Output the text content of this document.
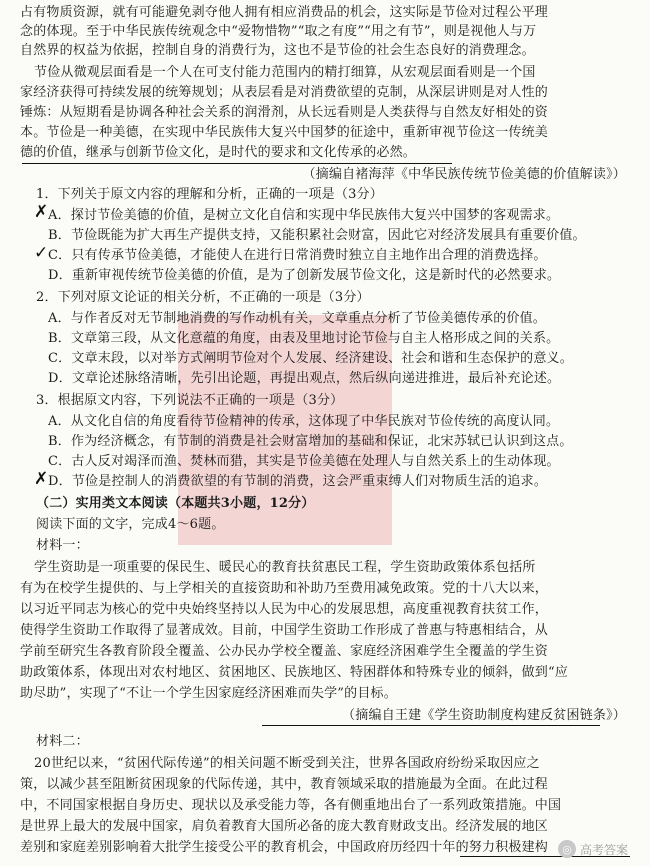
占有物质资源，就有可能避免剥夺他人拥有相应消费品的机会，这实际是节俭对过程公平理
念的体现。至于中华民族传统观念中“爱物惜物”“取之有度”“用之有节”，则是视他人与万
自然界的权益为依据，控制自身的消费行为，这也不是节俭的社会生态良好的消费理念。
节俭从微观层面看是一个人在可支付能力范围内的精打细算，从宏观层面看则是一个国
家经济获得可持续发展的统筹规划；从表层看是对消费欲望的克制，从深层讲则是对人性的
锤炼：从短期看是协调各种社会关系的润滑剂，从长远看则是人类获得与自然友好相处的资
本。节俭是一种美德，在实现中华民族伟大复兴中国梦的征途中，重新审视节俭这一传统美
德的价值，继承与创新节俭文化，是时代的要求和文化传承的必然。
（摘编自褚海萍《中华民族传统节俭美德的价值解读》）
1．下列关于原文内容的理解和分析，正确的一项是（3分）
A．探讨节俭美德的价值，是树立文化自信和实现中华民族伟大复兴中国梦的客观需求。
B．节俭既能为扩大再生产提供支持，又能积累社会财富，因此它对经济发展具有重要价值。
C．只有传承节俭美德，才能使人在进行日常消费时独立自主地作出合理的消费选择。
D．重新审视传统节俭美德的价值，是为了创新发展节俭文化，这是新时代的必然要求。
✗
✓
2．下列对原文论证的相关分析，不正确的一项是（3分）
A．与作者反对无节制地消费的写作动机有关，文章重点分析了节俭美德传承的价值。
B．文章第三段，从文化意蕴的角度，由表及里地讨论节俭与自主人格形成之间的关系。
C．文章末段，以对举方式阐明节俭对个人发展、经济建设、社会和谐和生态保护的意义。
D．文章论述脉络清晰，先引出论题，再提出观点，然后纵向递进推进，最后补充论述。
3．根据原文内容，下列说法不正确的一项是（3分）
A．从文化自信的角度看待节俭精神的传承，这体现了中华民族对节俭传统的高度认同。
B．作为经济概念，有节制的消费是社会财富增加的基础和保证，北宋苏轼已认识到这点。
C．古人反对竭泽而渔、焚林而猎，其实是节俭美德在处理人与自然关系上的生动体现。
D．节俭是控制人的消费欲望的有节制的消费，这会严重束缚人们对物质生活的追求。
✗
（二）实用类文本阅读（本题共3小题，12分）
阅读下面的文字，完成4～6题。
材料一：
学生资助是一项重要的保民生、暖民心的教育扶贫惠民工程，学生资助政策体系包括所
有为在校学生提供的、与上学相关的直接资助和补助乃至费用减免政策。党的十八大以来，
以习近平同志为核心的党中央始终坚持以人民为中心的发展思想，高度重视教育扶贫工作，
使得学生资助工作取得了显著成效。目前，中国学生资助工作形成了普惠与特惠相结合，从
学前至研究生各教育阶段全覆盖、公办民办学校全覆盖、家庭经济困难学生全覆盖的学生资
助政策体系，体现出对农村地区、贫困地区、民族地区、特困群体和特殊专业的倾斜，做到“应
助尽助”，实现了“不让一个学生因家庭经济困难而失学”的目标。
（摘编自王建《学生资助制度构建反贫困链条》）
材料二：
20世纪以来，“贫困代际传递”的相关问题不断受到关注，世界各国政府纷纷采取因应之
策，以减少甚至阻断贫困现象的代际传递，其中，教育领域采取的措施最为全面。在此过程
中，不同国家根据自身历史、现状以及承受能力等，各有侧重地出台了一系列政策措施。中国
是世界上最大的发展中国家，肩负着教育大国所必备的庞大教育财政支出。经济发展的地区
差别和家庭差别影响着大批学生接受公平的教育机会，中国政府历经四十年的努力积极建构	◎ 高考答案
